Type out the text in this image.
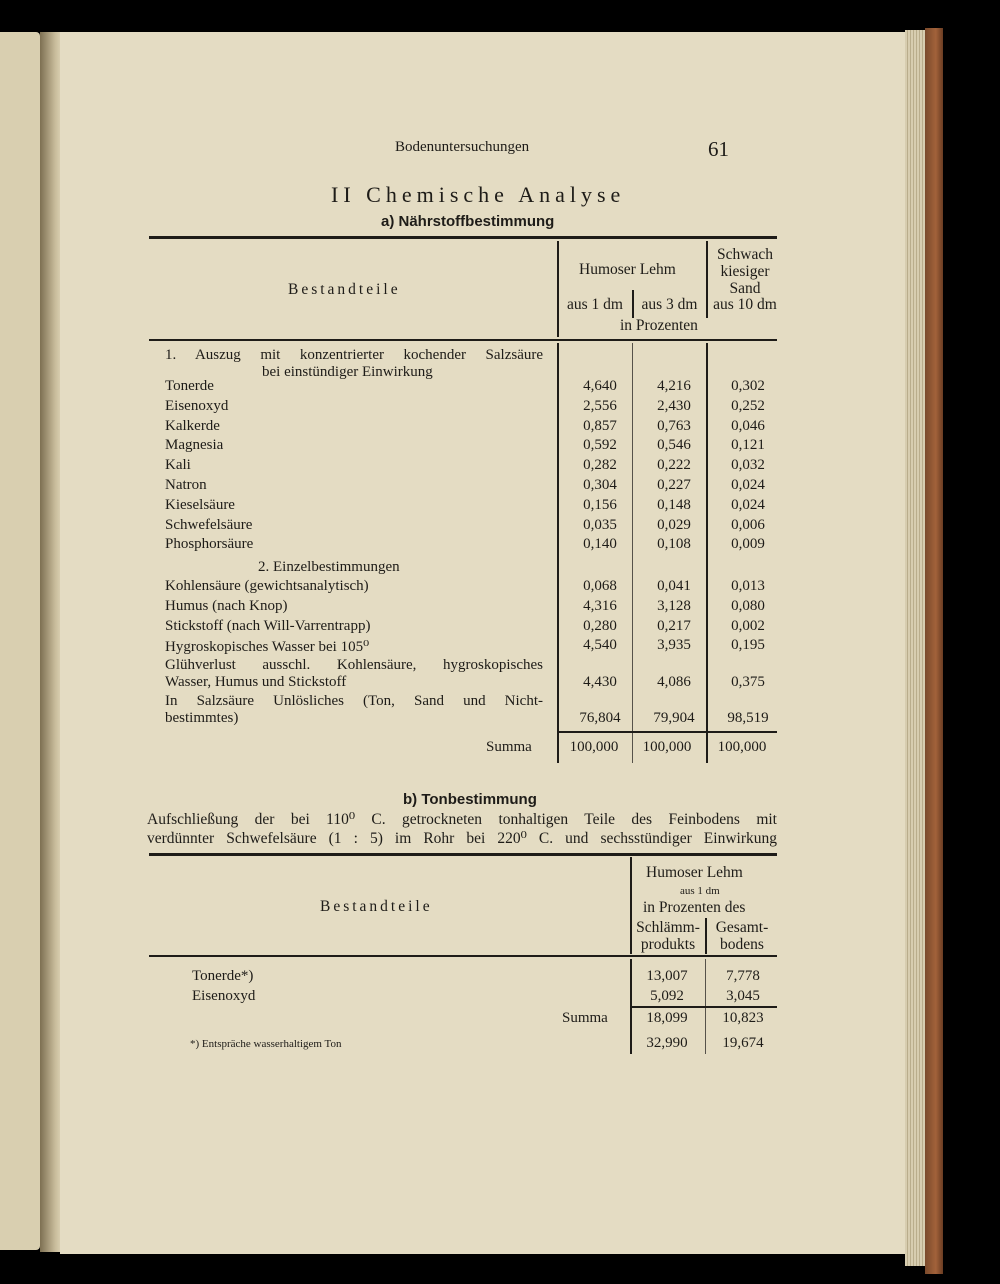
Bodenuntersuchungen	61
II Chemische Analyse
a) Nährstoffbestimmung
Bestandteile
Humoser Lehm
Schwach
kiesiger
Sand
aus 1 dm	aus 3 dm	aus 10 dm
in Prozenten
1. Auszug mit konzentrierter kochender Salzsäure
bei einstündiger Einwirkung
Tonerde . . .	4,640	4,216	0,302
Eisenoxyd . . .	2,556	2,430	0,252
Kalkerde . . .	0,857	0,763	0,046
Magnesia . . .	0,592	0,546	0,121
Kali . . .	0,282	0,222	0,032
Natron . . .	0,304	0,227	0,024
Kieselsäure . . .	0,156	0,148	0,024
Schwefelsäure . . .	0,035	0,029	0,006
Phosphorsäure . . .	0,140	0,108	0,009
2. Einzelbestimmungen
Kohlensäure (gewichtsanalytisch) . . .	0,068	0,041	0,013
Humus (nach Knop) . . .	4,316	3,128	0,080
Stickstoff (nach Will-Varrentrapp) . . .	0,280	0,217	0,002
Hygroskopisches Wasser bei 105⁰ . . .	4,540	3,935	0,195
Glühverlust ausschl. Kohlensäure, hygroskopisches
Wasser, Humus und Stickstoff . . .	4,430	4,086	0,375
In Salzsäure Unlösliches (Ton, Sand und Nicht-
bestimmtes) . . .	76,804	79,904	98,519
Summa	100,000	100,000	100,000
b) Tonbestimmung
Aufschließung der bei 110⁰ C. getrockneten tonhaltigen Teile des Feinbodens mit
verdünnter Schwefelsäure (1 : 5) im Rohr bei 220⁰ C. und sechsstündiger Einwirkung
Bestandteile
Humoser Lehm
aus 1 dm
in Prozenten des
Schlämm-
produkts
Gesamt-
bodens
Tonerde*) . . .	13,007	7,778
Eisenoxyd . . .	5,092	3,045
Summa	18,099	10,823
*) Entspräche wasserhaltigem Ton . . .	32,990	19,674
